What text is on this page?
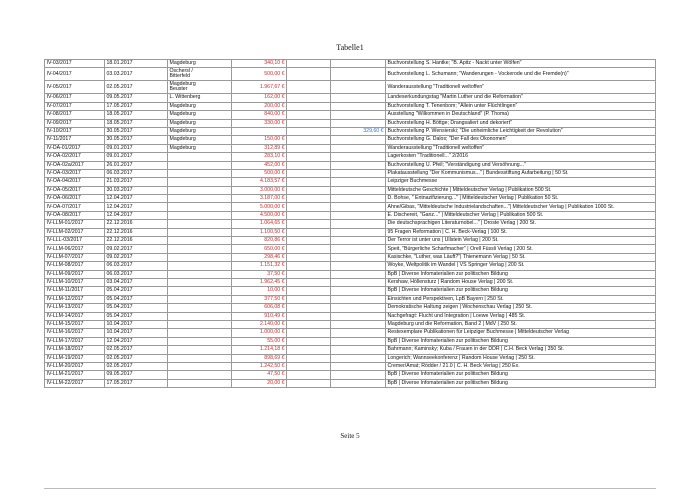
Tabelle1
IV-03/2017	18.01.2017	Magdeburg	340,10 €			Buchvorstellung S. Hantke; "B. Apitz - Nackt unter Wölfen"
IV-04/2017	03.03.2017	Oschersl /
Bitterfeld	500,00 €			Buchvorstellung L. Schumann; "Wanderungen - Vockerode und die Fremde(n)"
IV-05/2017	02.05.2017	Magdeburg
Beuster	1.967,67 €			Wanderausstellung "Traditionell weltoffen"
IV-06/2017	09.05.2017	L. Wittenberg	162,00 €			Landeserkundungstag "Martin Luther und die Reformation"
IV-07/2017	17.05.2017	Magdeburg	200,00 €			Buchvorstellung T. Tenenbom; "Allein unter Flüchtlingen"
IV-08/2017	18.05.2017	Magdeburg	840,00 €			Ausstellung "Wilkommen in Deutschland" (P. Thoma)
IV-09/2017	18.05.2017	Magdeburg	330,00 €			Buchvorstellung H. Böttge; Drangsaliert und dekoriert"
IV-10/2017	30.05.2017	Magdeburg			329,60 €	Buchvorstellung P. Wensierski; "Die unheimliche Leichtigkeit der Revolution"
IV-11/2017	30.05.2017	Magdeburg	150,00 €			Buchvorstellung G. Dalos; "Der Fall des Ökonomen"
IV-DA-01/2017	09.01.2017	Magdeburg	312,89 €			Wanderausstellung "Traditionell weltoffen"
IV-OA-02/2017	09.01.2017		283,10 €			Lagerkosten "Traditionell..." 2/2016
IV-OA-02a/2017	26.01.2017		452,00 €			Buchvorstellung U. Pfeil; "Verständigung und Versöhnung..."
IV-OA-03/2017	06.03.2017		500,00 €			Plakatausstellung "Der Kommunismus..." | Bundesstiftung Aufarbeitung | 50 St.
IV-OA-04/2017	21.03.2017		4.183,57 €			Leipziger Buchmesse
IV-OA-05/2017	30.03.2017		3.000,00 €			Mitteldeutsche Geschichte | Mitteldeutscher Verlag | Publikation 500 St.
IV-OA-06/2017	12.04.2017		3.187,00 €			D. Bohse, " Entnazifizierung..." | Mitteldeutscher Verlag | Publikation 50 St.
IV-OA-07/2017	12.04.2017		5.000,00 €			Ahne/Gibas, "Mitteldeutsche Industrielandschaften..."| Mitteldeutscher Verlag | Publikation 1000 St.
IV-OA-08/2017	12.04.2017		4.500,00 €			E. Dischereit, "Ganz..." | Mitteldeutscher Verlag | Publikation 500 St.
IV-LLM-01/2017	22.12.2016		1.064,65 €			Die deutschsprachigen Literaturnobel..." | Droste Verlag | 200 St.
IV-LLM-02/2017	22.12.2016		1.100,50 €			95 Fragen Reformation | C. H. Beck-Verlag | 100 St.
IV-LLL-03/2017	22.12.2016		820,86 €			Der Terror ist unter uns | Ullstein Verlag | 200 St.
IV-LLM-06/2017	09.02.2017		650,00 €			Speit, "Bürgerliche Scharfmacher" | Orell Füssli Verlag | 200 St.
IV-LLM-07/2017	09.02.2017		298,46 €			Kasischke, "Luther, was Läuft?"| Thienemann Verlag | 50 St.
IV-LLM-08/2017	06.03.2017		1.151,32 €			Woyke, Weltpolitik im Wandel | VS Springer Verlag | 200 St.
IV-LLM-09/2017	06.03.2017		37,50 €			BpB | Diverse Infomaterialien zur politischen Bildung
IV-LLM-10/2017	03.04.2017		1.962,45 €			Kershaw, Höllensturz | Random House Verlag | 200 St.
IV-LLM-11/2017	05.04.2017		10,00 €			BpB | Diverse Infomaterialien zur politischen Bildung
IV-LLM-12/2017	05.04.2017		377,50 €			Einsichten und Perspektiven, LpB Bayern | 250 St.
IV-LLM-13/2017	05.04.2017		606,08 €			Demokratische Haltung zeigen | Wochenschau Verlag | 250 St.
IV-LLM-14/2017	05.04.2017		910,49 €			Nachgefragt: Flucht und Integration | Loewe Verlag | 485 St.
IV-LLM-15/2017	10.04.2017		2.140,00 €			Magdeburg und die Reformation, Band 2 | MdV | 250 St.
IV-LLM-16/2017	10.04.2017		1.000,00 €			Restexemplare Publikationen für Leipziger Buchmesse | Mitteldeutscher Verlag
IV-LLM-17/2017	12.04.2017		55,00 €			BpB | Diverse Infomaterialien zur politischen Bildung
IV-LLM-18/2017	02.05.2017		1.214,18 €			Bahrmann; Kaminsky; Kuba / Frauen in der DDR | C.H. Beck Verlag | 350 St.
IV-LLM-19/2017	02.05.2017		898,69 €			Longerich; Wannseekonferenz | Random House Verlag | 250 St.
IV-LLM-20/2017	02.05.2017		1.242,50 €			Cremer/Amat; Rödder / 21.0 | C. H. Beck Verlag | 250 Ex.
IV-LLM-21/2017	09.05.2017		47,50 €			BpB | Diverse Infomaterialien zur politischen Bildung
IV-LLM-22/2017	17.05.2017		20,00 €			BpB | Diverse Infomaterialien zur politischen Bildung
Seite 5
